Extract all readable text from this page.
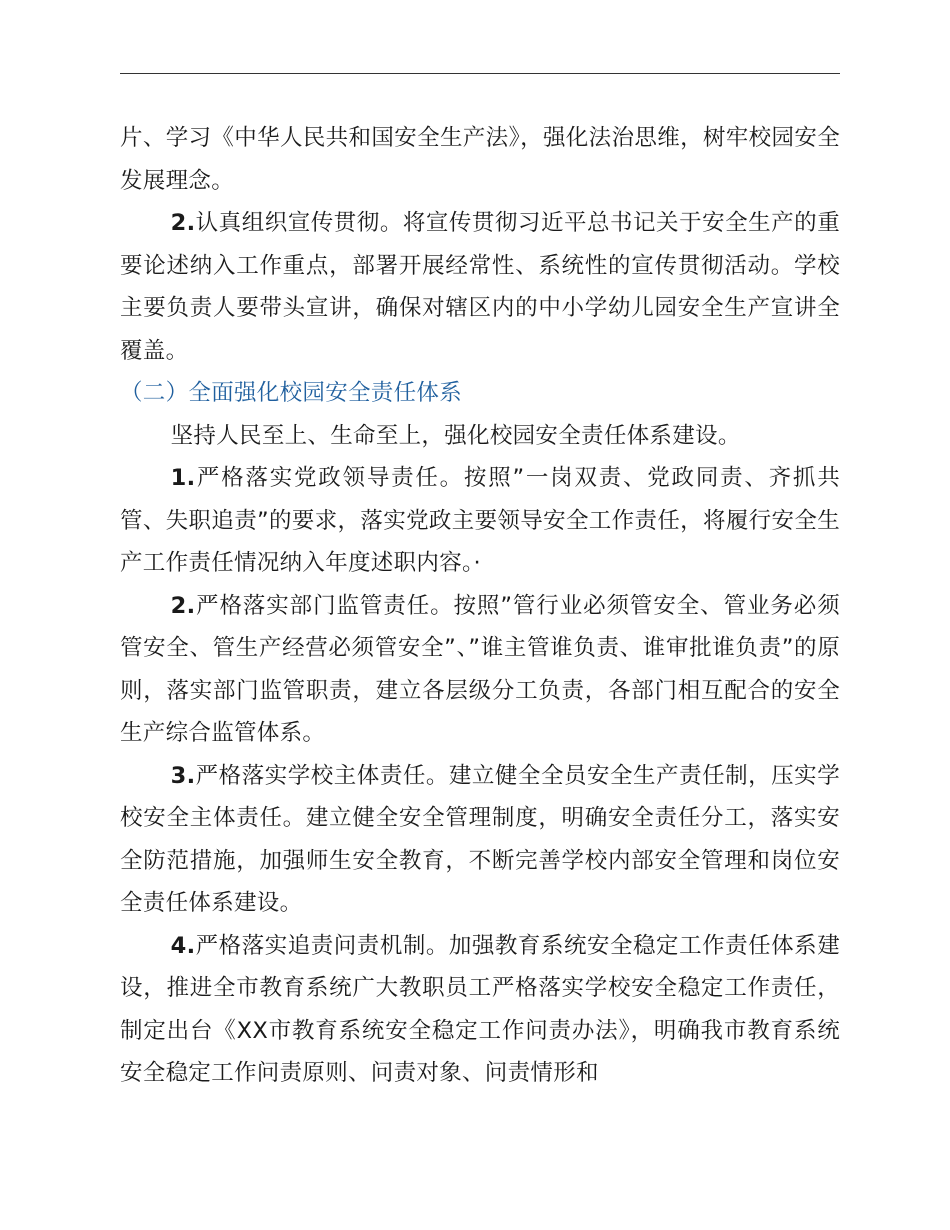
片、学习《中华人民共和国安全生产法》，强化法治思维，树牢校园安全发展理念。

2.认真组织宣传贯彻。将宣传贯彻习近平总书记关于安全生产的重要论述纳入工作重点，部署开展经常性、系统性的宣传贯彻活动。学校主要负责人要带头宣讲，确保对辖区内的中小学幼儿园安全生产宣讲全覆盖。

（二）全面强化校园安全责任体系

坚持人民至上、生命至上，强化校园安全责任体系建设。

1.严格落实党政领导责任。按照”一岗双责、党政同责、齐抓共管、失职追责”的要求，落实党政主要领导安全工作责任，将履行安全生产工作责任情况纳入年度述职内容。·

2.严格落实部门监管责任。按照”管行业必须管安全、管业务必须管安全、管生产经营必须管安全”、”谁主管谁负责、谁审批谁负责”的原则，落实部门监管职责，建立各层级分工负责，各部门相互配合的安全生产综合监管体系。

3.严格落实学校主体责任。建立健全全员安全生产责任制，压实学校安全主体责任。建立健全安全管理制度，明确安全责任分工，落实安全防范措施，加强师生安全教育，不断完善学校内部安全管理和岗位安全责任体系建设。

4.严格落实追责问责机制。加强教育系统安全稳定工作责任体系建设，推进全市教育系统广大教职员工严格落实学校安全稳定工作责任，制定出台《XX市教育系统安全稳定工作问责办法》，明确我市教育系统安全稳定工作问责原则、问责对象、问责情形和
